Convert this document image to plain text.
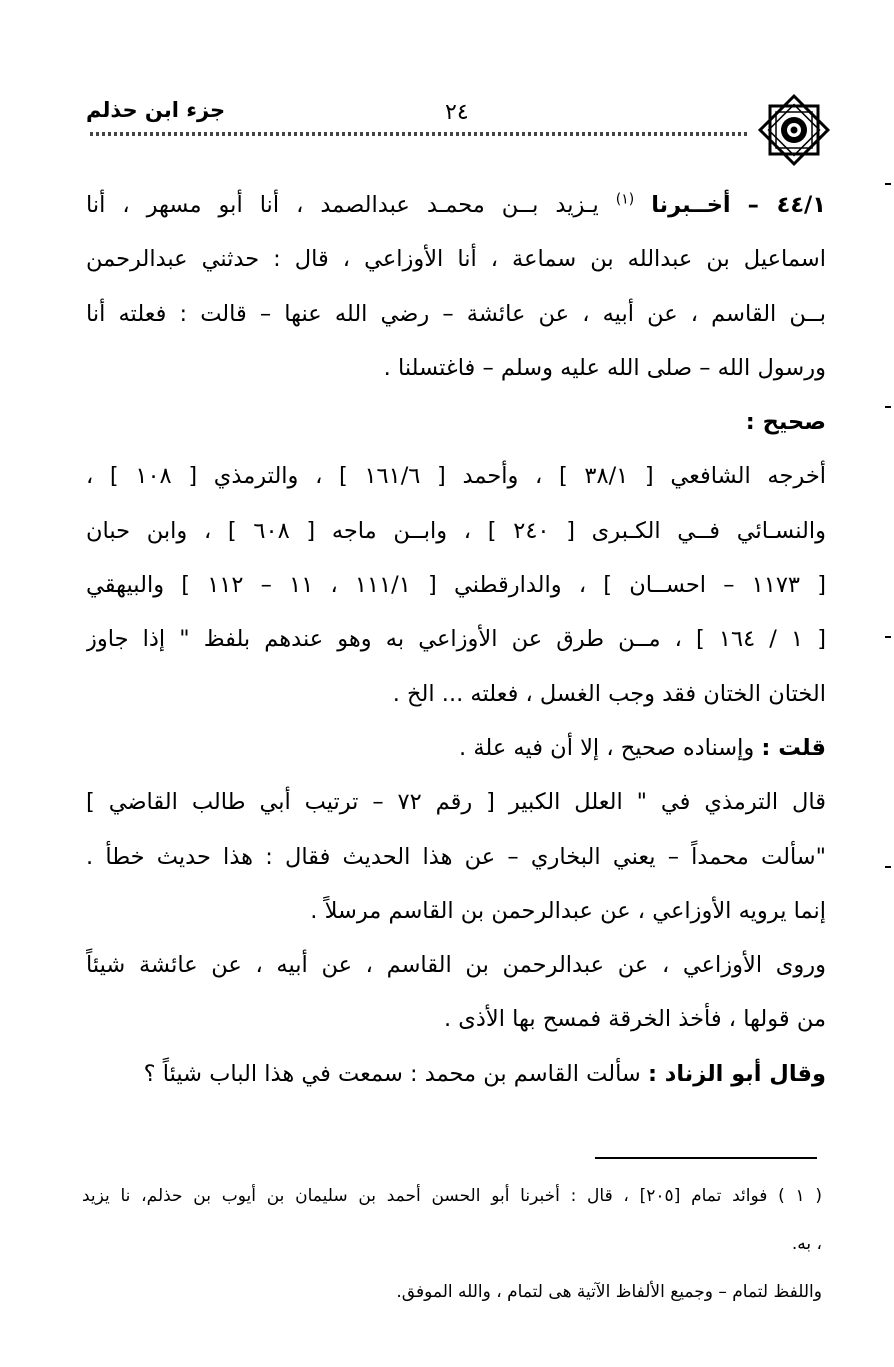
جزء ابن حذلم	٢٤
٤٤/١ – أخــبرنا $^{(١)}$ يـزيد بــن محمـد عبدالصمد ، أنا أبو مسهر ، أنا
اسماعيل بن عبدالله بن سماعة ، أنا الأوزاعي ، قال : حدثني عبدالرحمن
بــن القاسم ، عن أبيه ، عن عائشة – رضي الله عنها – قالت : فعلته أنا
ورسول الله – صلى الله عليه وسلم – فاغتسلنا .
صحيح :
أخرجه الشافعي [ ٣٨/١ ] ، وأحمد [ ١٦١/٦ ] ، والترمذي [ ١٠٨ ] ،
والنسـائي فــي الكـبرى [ ٢٤٠ ] ، وابــن ماجه [ ٦٠٨ ] ، وابن حبان
[ ١١٧٣ – احســان ] ، والدارقطني [ ١١١/١ ، ١١ – ١١٢ ] والبيهقي
[ ١ / ١٦٤ ] ، مــن طرق عن الأوزاعي به وهو عندهم بلفظ " إذا جاوز
الختان الختان فقد وجب الغسل ، فعلته ... الخ .
قلت : وإسناده صحيح ، إلا أن فيه علة .
قال الترمذي في " العلل الكبير [ رقم ٧٢ – ترتيب أبي طالب القاضي ]
"سألت محمداً – يعني البخاري – عن هذا الحديث فقال : هذا حديث خطأ .
إنما يرويه الأوزاعي ، عن عبدالرحمن بن القاسم مرسلاً .
وروى الأوزاعي ، عن عبدالرحمن بن القاسم ، عن أبيه ، عن عائشة شيئاً
من قولها ، فأخذ الخرقة فمسح بها الأذى .
وقال أبو الزناد : سألت القاسم بن محمد : سمعت في هذا الباب شيئاً ؟
( ١ ) فوائد تمام [٢٠٥] ، قال : أخبرنا أبو الحسن أحمد بن سليمان بن أيوب بن حذلم، نا يزيد
، به.
واللفظ لتمام – وجميع الألفاظ الآتية هى لتمام ، والله الموفق.
